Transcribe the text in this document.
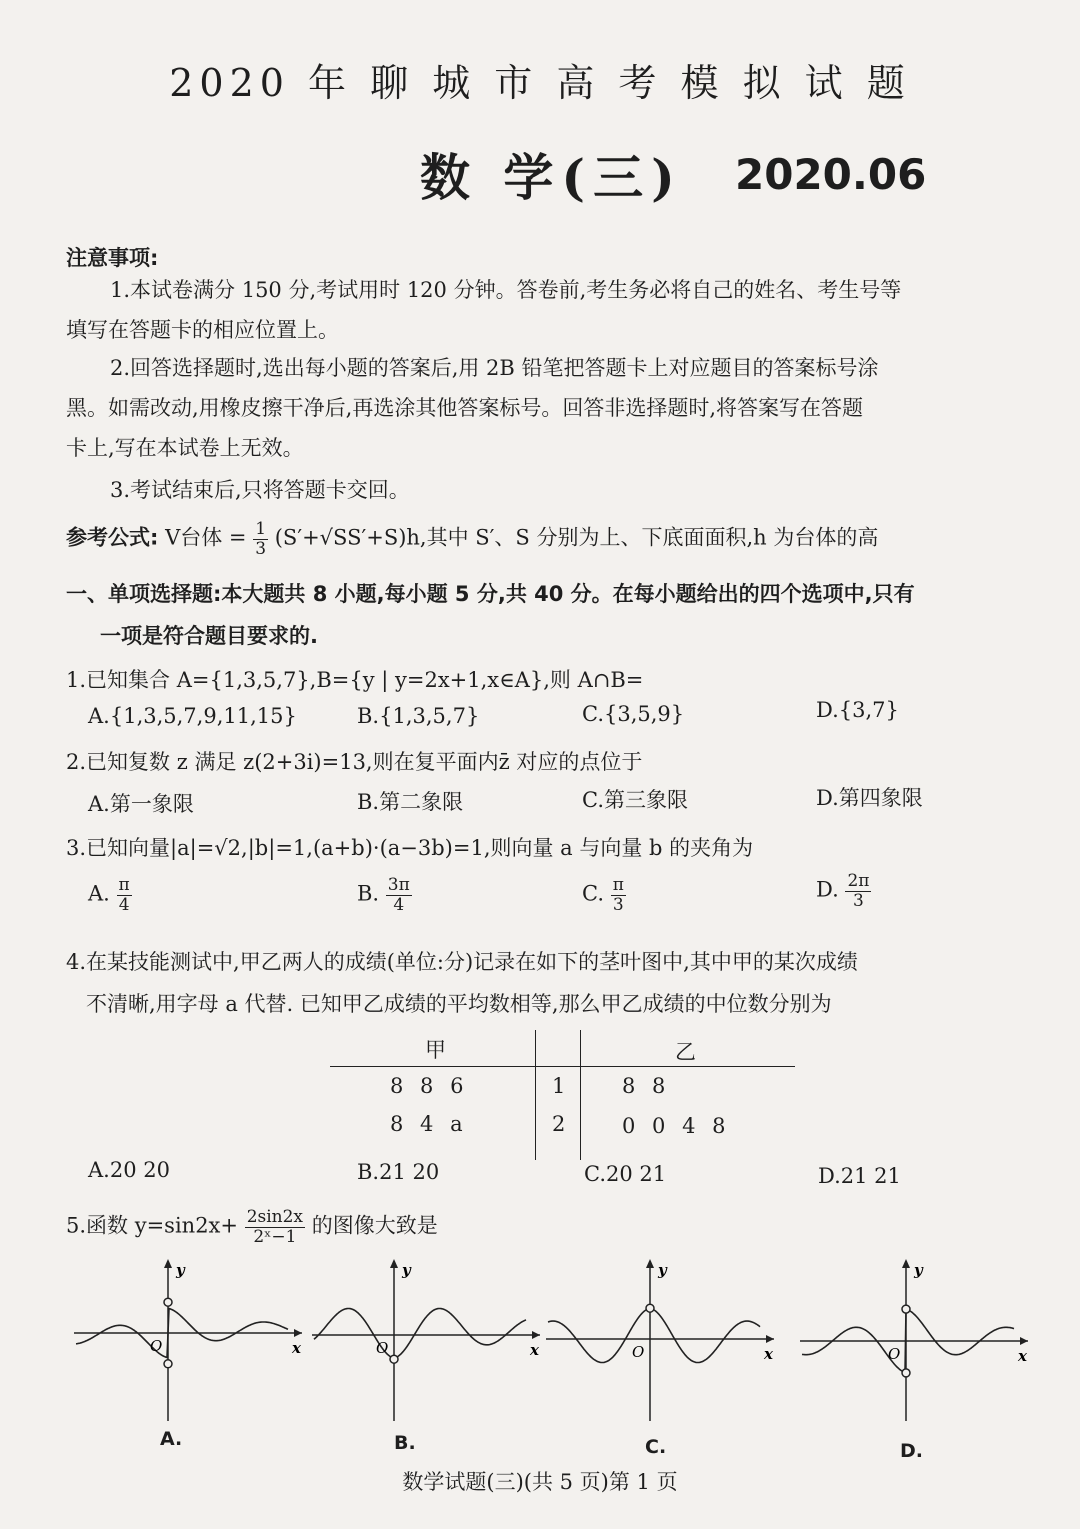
2020 年 聊 城 市 高 考 模 拟 试 题
数 学(三) 2020.06
注意事项:
1.本试卷满分 150 分,考试用时 120 分钟。答卷前,考生务必将自己的姓名、考生号等
填写在答题卡的相应位置上。
2.回答选择题时,选出每小题的答案后,用 2B 铅笔把答题卡上对应题目的答案标号涂
黑。如需改动,用橡皮擦干净后,再选涂其他答案标号。回答非选择题时,将答案写在答题
卡上,写在本试卷上无效。
3.考试结束后,只将答题卡交回。
参考公式: V台体 = $\frac{1}{3} (S'+√SS'+S)h$,其中 S′、S 分别为上、下底面面积,h 为台体的高
一、单项选择题:本大题共 8 小题,每小题 5 分,共 40 分。在每小题给出的四个选项中,只有
一项是符合题目要求的.
1.已知集合 A={1,3,5,7},B={y | y=2x+1,x∈A},则 A∩B=
A.{1,3,5,7,9,11,15}	B.{1,3,5,7}	C.{3,5,9}	D.{3,7}
2.已知复数 z 满足 z(2+3i)=13,则在复平面内z̄ 对应的点位于
A.第一象限	B.第二象限	C.第三象限	D.第四象限
3.已知向量|a|=√2,|b|=1,(a+b)·(a−3b)=1,则向量 a 与向量 b 的夹角为
A. $\frac{\pi}{4}$	B. $\frac{3\pi}{4}$	C. $\frac{\pi}{3}$	D. $\frac{2\pi}{3}$
4.在某技能测试中,甲乙两人的成绩(单位:分)记录在如下的茎叶图中,其中甲的某次成绩
不清晰,用字母 a 代替. 已知甲乙成绩的平均数相等,那么甲乙成绩的中位数分别为
甲	乙
8 8 6	1	8 8
8 4 a	2	0 0 4 8
A.20 20	B.21 20	C.20 21	D.21 21
5.函数 $y=\sin 2x+ \frac{2\sin 2x}{\text{2ˣ−1}}$ 的图像大致是
y
x
O
y
x
O
y
x
O
y
x
O
A.	B.	C.	D.
数学试题(三)(共 5 页)第 1 页
